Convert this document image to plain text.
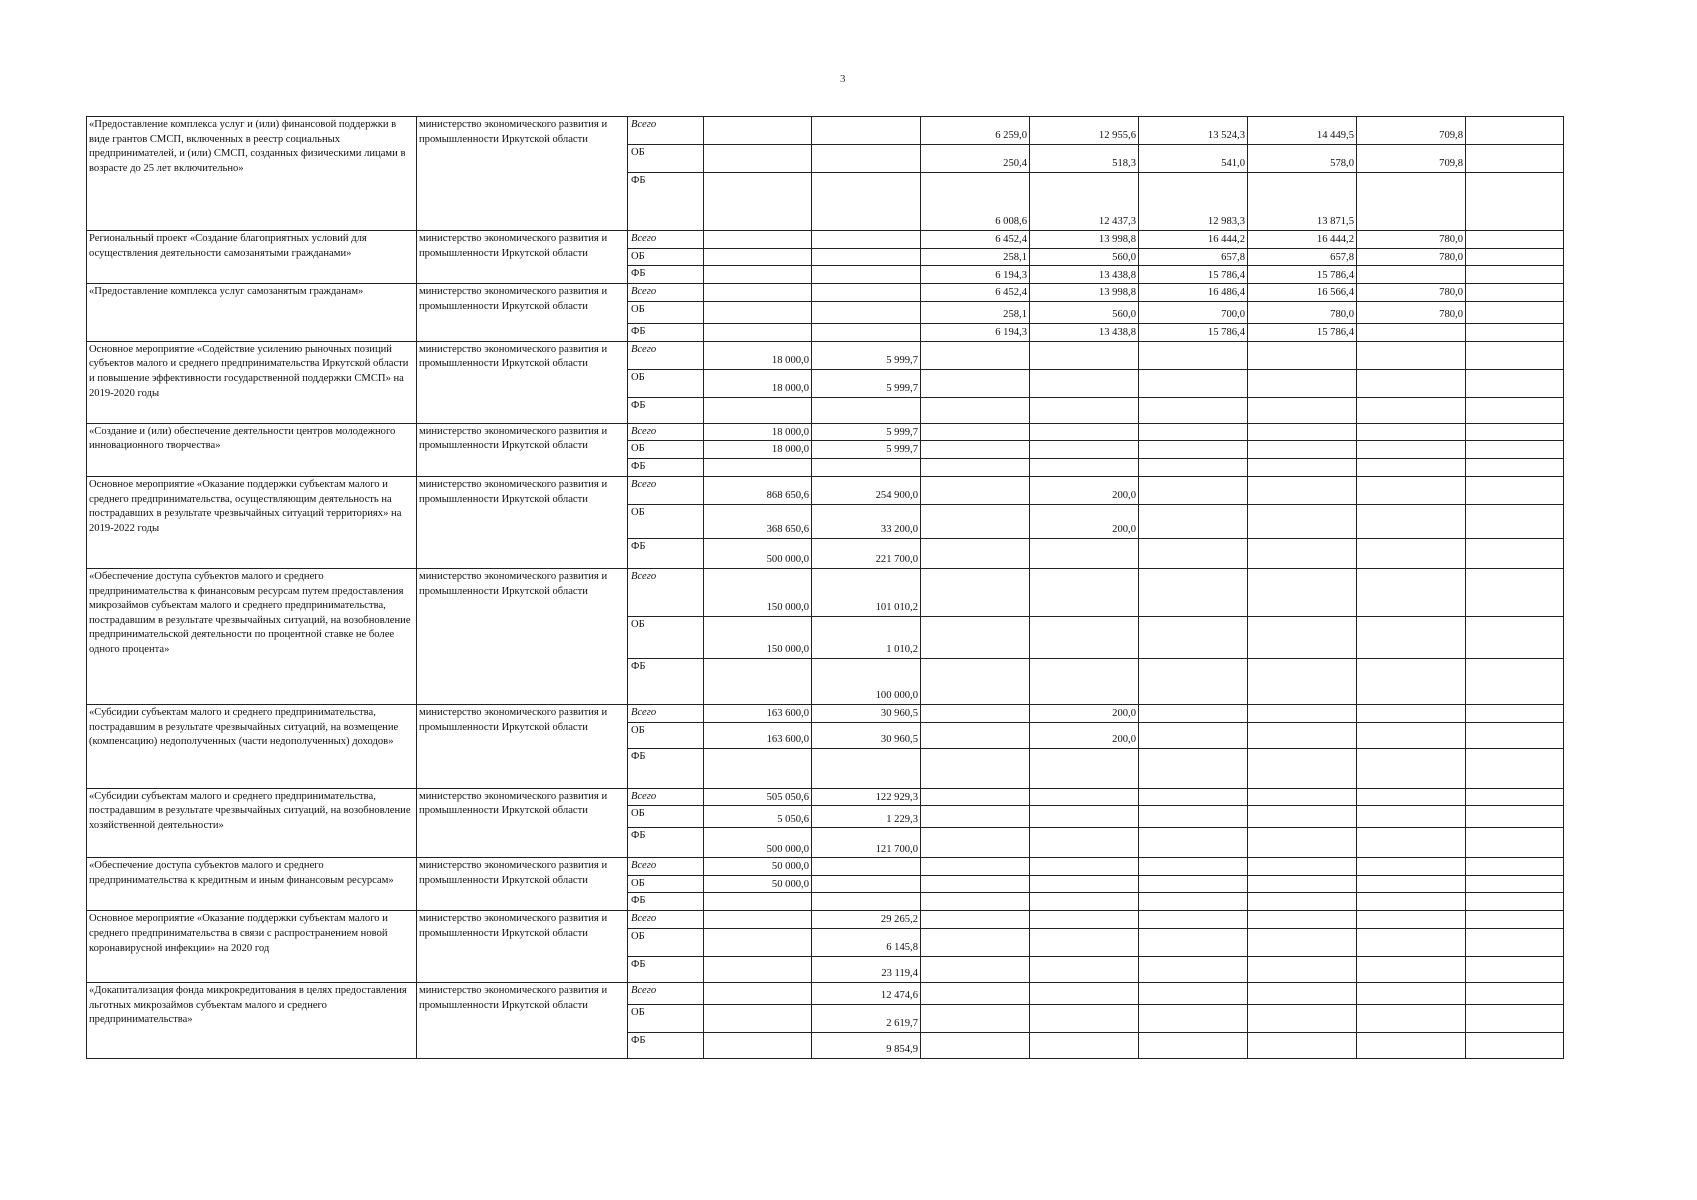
3
«Предоставление комплекса услуг и (или) финансовой поддержки в виде грантов СМСП, включенных в реестр социальных предпринимателей, и (или) СМСП, созданных физическими лицами в возрасте до 25 лет включительно»	министерство экономического развития и промышленности Иркутской области	Всего			6 259,0	12 955,6	13 524,3	14 449,5	709,8	
		ОБ			250,4	518,3	541,0	578,0	709,8	
		ФБ			6 008,6	12 437,3	12 983,3	13 871,5		
Региональный проект «Создание благоприятных условий для осуществления деятельности самозанятыми гражданами»	министерство экономического развития и промышленности Иркутской области	Всего			6 452,4	13 998,8	16 444,2	16 444,2	780,0	
		ОБ			258,1	560,0	657,8	657,8	780,0	
		ФБ			6 194,3	13 438,8	15 786,4	15 786,4		
«Предоставление комплекса услуг самозанятым гражданам»	министерство экономического развития и промышленности Иркутской области	Всего			6 452,4	13 998,8	16 486,4	16 566,4	780,0	
		ОБ			258,1	560,0	700,0	780,0	780,0	
		ФБ			6 194,3	13 438,8	15 786,4	15 786,4		
Основное мероприятие «Содействие усилению рыночных позиций субъектов малого и среднего предпринимательства Иркутской области и повышение эффективности государственной поддержки СМСП» на 2019-2020 годы	министерство экономического развития и промышленности Иркутской области	Всего	18 000,0	5 999,7						
		ОБ	18 000,0	5 999,7						
		ФБ								
«Создание и (или) обеспечение деятельности центров молодежного инновационного творчества»	министерство экономического развития и промышленности Иркутской области	Всего	18 000,0	5 999,7						
		ОБ	18 000,0	5 999,7						
		ФБ								
Основное мероприятие «Оказание поддержки субъектам малого и среднего предпринимательства, осуществляющим деятельность на пострадавших в результате чрезвычайных ситуаций территориях» на 2019-2022 годы	министерство экономического развития и промышленности Иркутской области	Всего	868 650,6	254 900,0		200,0				
		ОБ	368 650,6	33 200,0		200,0				
		ФБ	500 000,0	221 700,0						
«Обеспечение доступа субъектов малого и среднего предпринимательства к финансовым ресурсам путем предоставления микрозаймов субъектам малого и среднего предпринимательства, пострадавшим в результате чрезвычайных ситуаций, на возобновление предпринимательской деятельности по процентной ставке не более одного процента»	министерство экономического развития и промышленности Иркутской области	Всего	150 000,0	101 010,2						
		ОБ	150 000,0	1 010,2						
		ФБ		100 000,0						
«Субсидии субъектам малого и среднего предпринимательства, пострадавшим в результате чрезвычайных ситуаций, на возмещение (компенсацию) недополученных (части недополученных) доходов»	министерство экономического развития и промышленности Иркутской области	Всего	163 600,0	30 960,5		200,0				
		ОБ	163 600,0	30 960,5		200,0				
		ФБ								
«Субсидии субъектам малого и среднего предпринимательства, пострадавшим в результате чрезвычайных ситуаций, на возобновление хозяйственной деятельности»	министерство экономического развития и промышленности Иркутской области	Всего	505 050,6	122 929,3						
		ОБ	5 050,6	1 229,3						
		ФБ	500 000,0	121 700,0						
«Обеспечение доступа субъектов малого и среднего предпринимательства к кредитным и иным финансовым ресурсам»	министерство экономического развития и промышленности Иркутской области	Всего	50 000,0							
		ОБ	50 000,0							
		ФБ								
Основное мероприятие «Оказание поддержки субъектам малого и среднего предпринимательства в связи с распространением новой коронавирусной инфекции» на 2020 год	министерство экономического развития и промышленности Иркутской области	Всего		29 265,2						
		ОБ		6 145,8						
		ФБ		23 119,4						
«Докапитализация фонда микрокредитования в целях предоставления льготных микрозаймов субъектам малого и среднего предпринимательства»	министерство экономического развития и промышленности Иркутской области	Всего		12 474,6						
		ОБ		2 619,7						
		ФБ		9 854,9						
